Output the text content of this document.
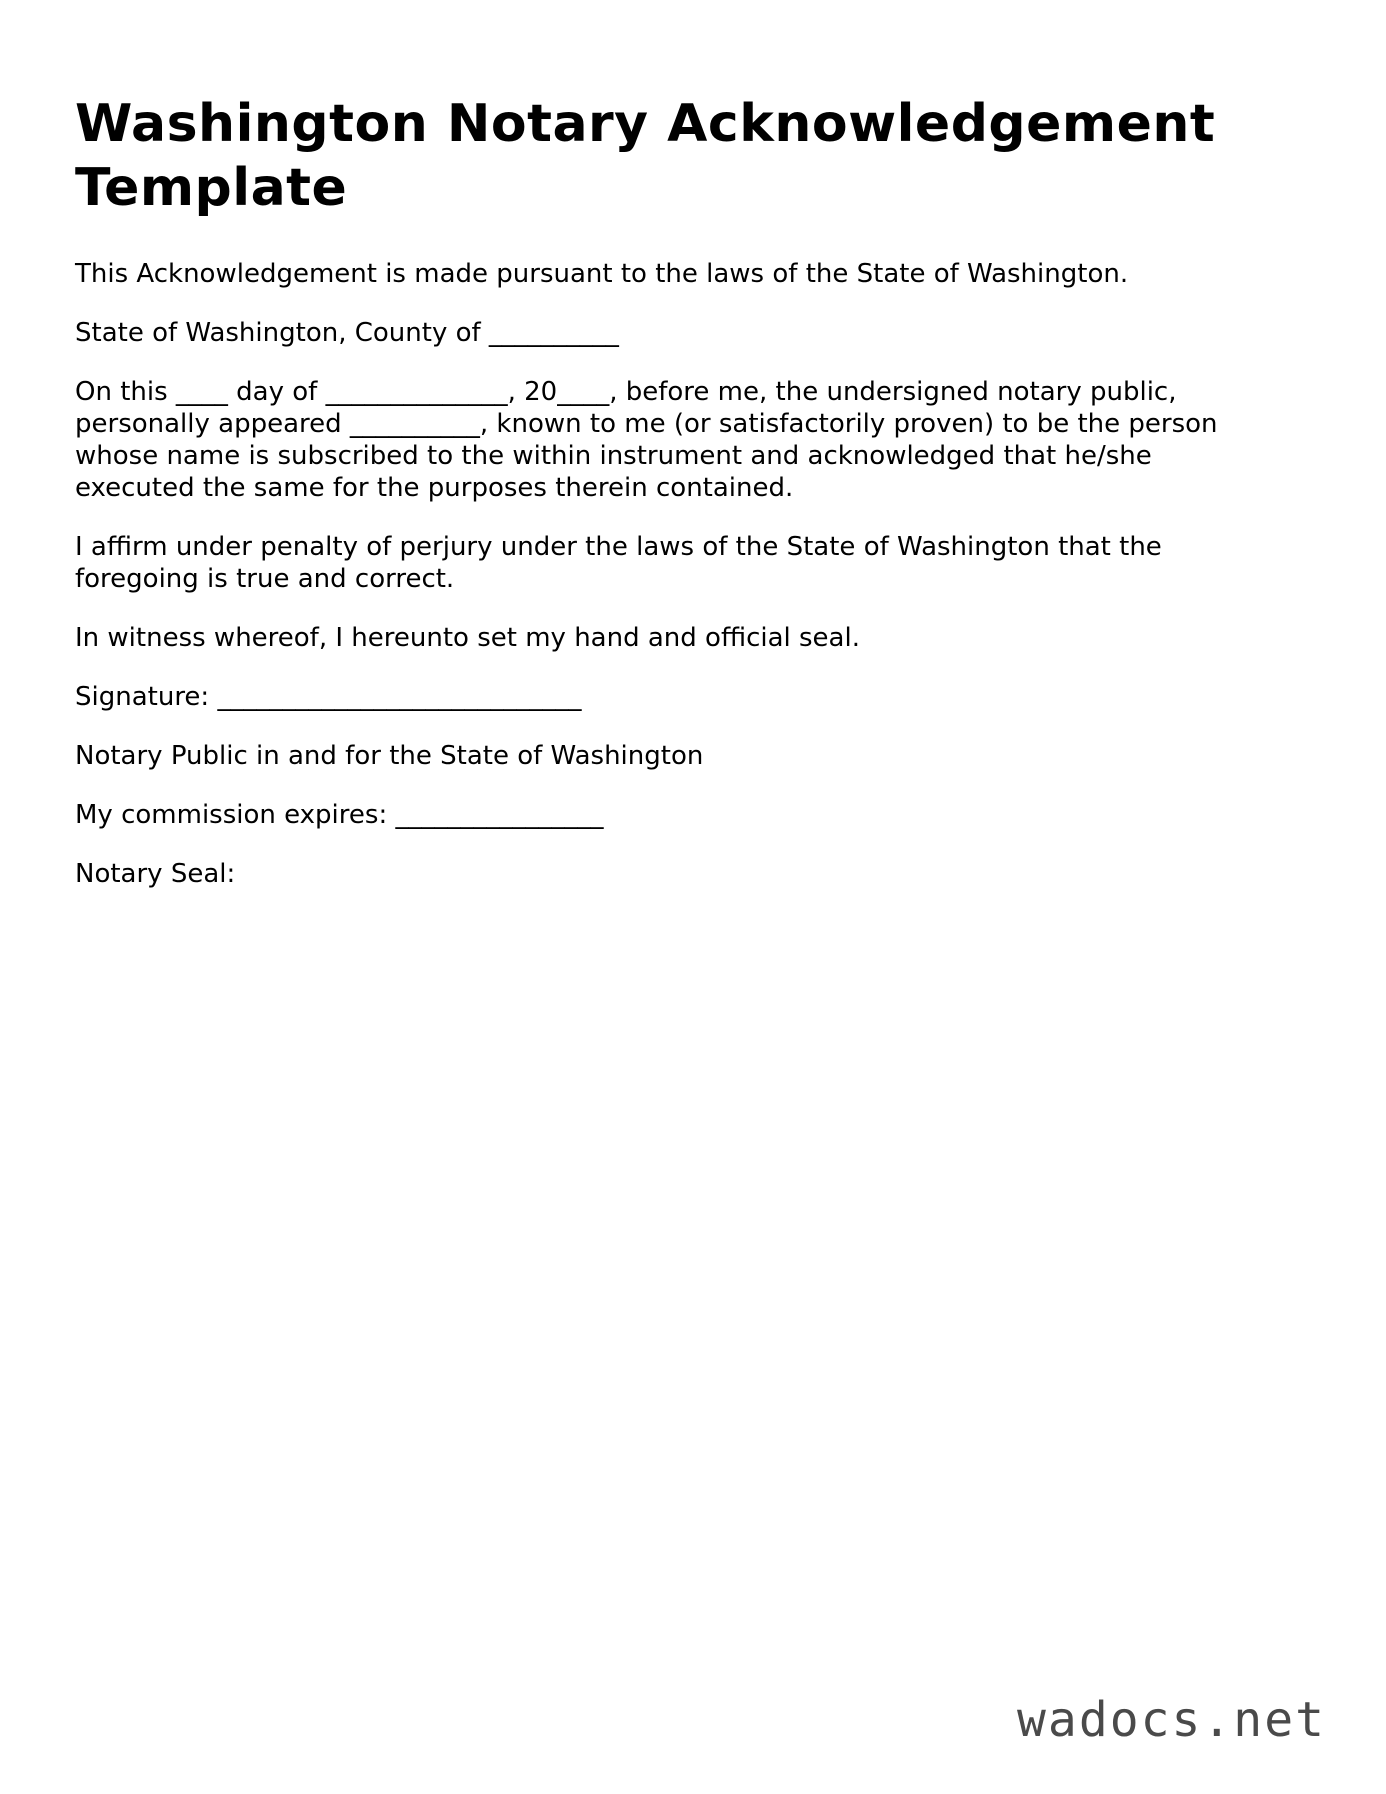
Washington Notary Acknowledgement Template

This Acknowledgement is made pursuant to the laws of the State of Washington.

State of Washington, County of __________

On this ____ day of ______________, 20____, before me, the undersigned notary public, personally appeared __________, known to me (or satisfactorily proven) to be the person whose name is subscribed to the within instrument and acknowledged that he/she executed the same for the purposes therein contained.

I affirm under penalty of perjury under the laws of the State of Washington that the foregoing is true and correct.

In witness whereof, I hereunto set my hand and official seal.

Signature: ____________________________

Notary Public in and for the State of Washington

My commission expires: ________________

Notary Seal:

wadocs.net
